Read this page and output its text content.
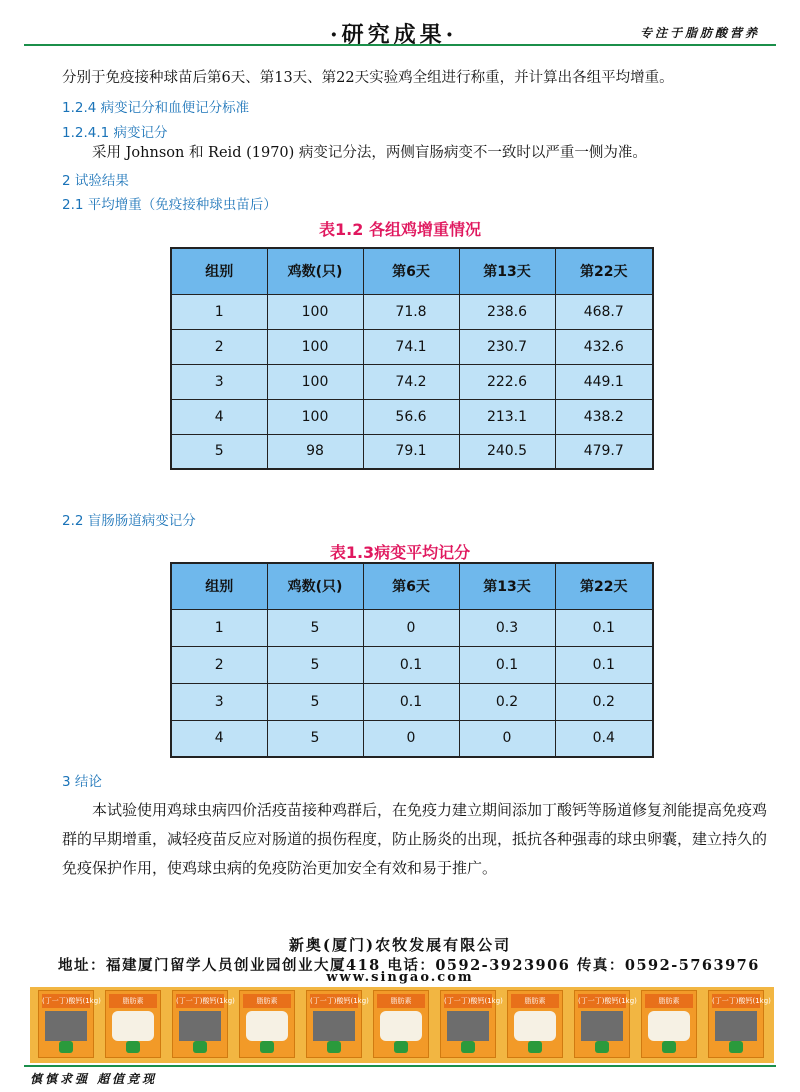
·研究成果·	专注于脂肪酸营养
分别于免疫接种球苗后第6天、第13天、第22天实验鸡全组进行称重，并计算出各组平均增重。
1.2.4 病变记分和血便记分标准
1.2.4.1 病变记分
采用 Johnson 和 Reid (1970) 病变记分法，两侧盲肠病变不一致时以严重一侧为准。
2 试验结果
2.1 平均增重（免疫接种球虫苗后）
表1.2 各组鸡增重情况
组别	鸡数(只)	第6天	第13天	第22天
1	100	71.8	238.6	468.7
2	100	74.1	230.7	432.6
3	100	74.2	222.6	449.1
4	100	56.6	213.1	438.2
5	98	79.1	240.5	479.7
2.2 盲肠肠道病变记分
表1.3病变平均记分
组别	鸡数(只)	第6天	第13天	第22天
1	5	0	0.3	0.1
2	5	0.1	0.1	0.1
3	5	0.1	0.2	0.2
4	5	0	0	0.4
3 结论
本试验使用鸡球虫病四价活疫苗接种鸡群后，在免疫力建立期间添加丁酸钙等肠道修复剂能提高免疫鸡群的早期增重，减轻疫苗反应对肠道的损伤程度，防止肠炎的出现，抵抗各种强毒的球虫卵囊，建立持久的免疫保护作用，使鸡球虫病的免疫防治更加安全有效和易于推广。
新奥(厦门)农牧发展有限公司
地址：福建厦门留学人员创业园创业大厦418 电话：0592-3923906 传真：0592-5763976
www.singao.com
(丁一丁)酸钙(1kg)	脂肪素	(丁一丁)酸钙(1kg)	脂肪素	(丁一丁)酸钙(1kg)	脂肪素	(丁一丁)酸钙(1kg)	脂肪素	(丁一丁)酸钙(1kg)	脂肪素	(丁一丁)酸钙(1kg)
慎慎求强 超值竞现
